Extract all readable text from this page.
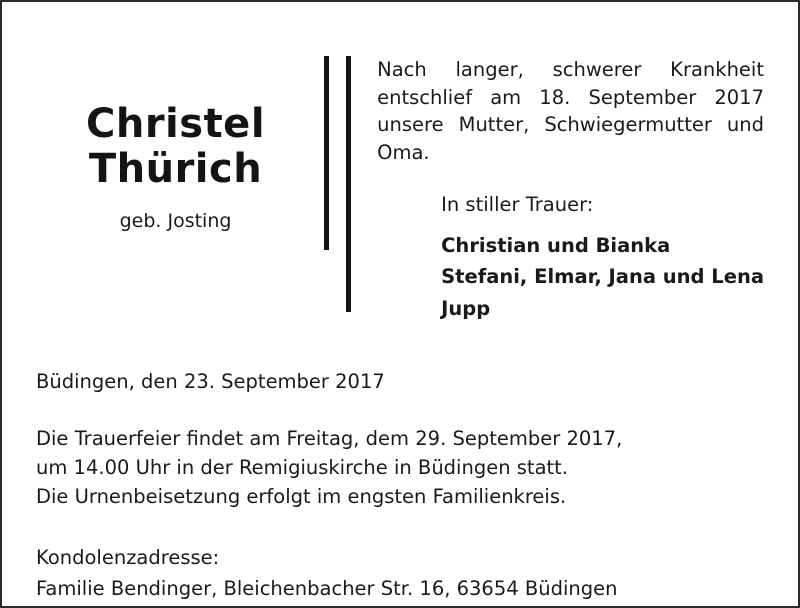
Christel
Thürich
geb. Josting
Nach langer, schwerer Krankheit entschlief am 18. September 2017 unsere Mutter, Schwiegermutter und Oma.
In stiller Trauer:
Christian und Bianka
Stefani, Elmar, Jana und Lena
Jupp
Büdingen, den 23. September 2017
Die Trauerfeier findet am Freitag, dem 29. September 2017,
um 14.00 Uhr in der Remigiuskirche in Büdingen statt.
Die Urnenbeisetzung erfolgt im engsten Familienkreis.
Kondolenzadresse:
Familie Bendinger, Bleichenbacher Str. 16, 63654 Büdingen
